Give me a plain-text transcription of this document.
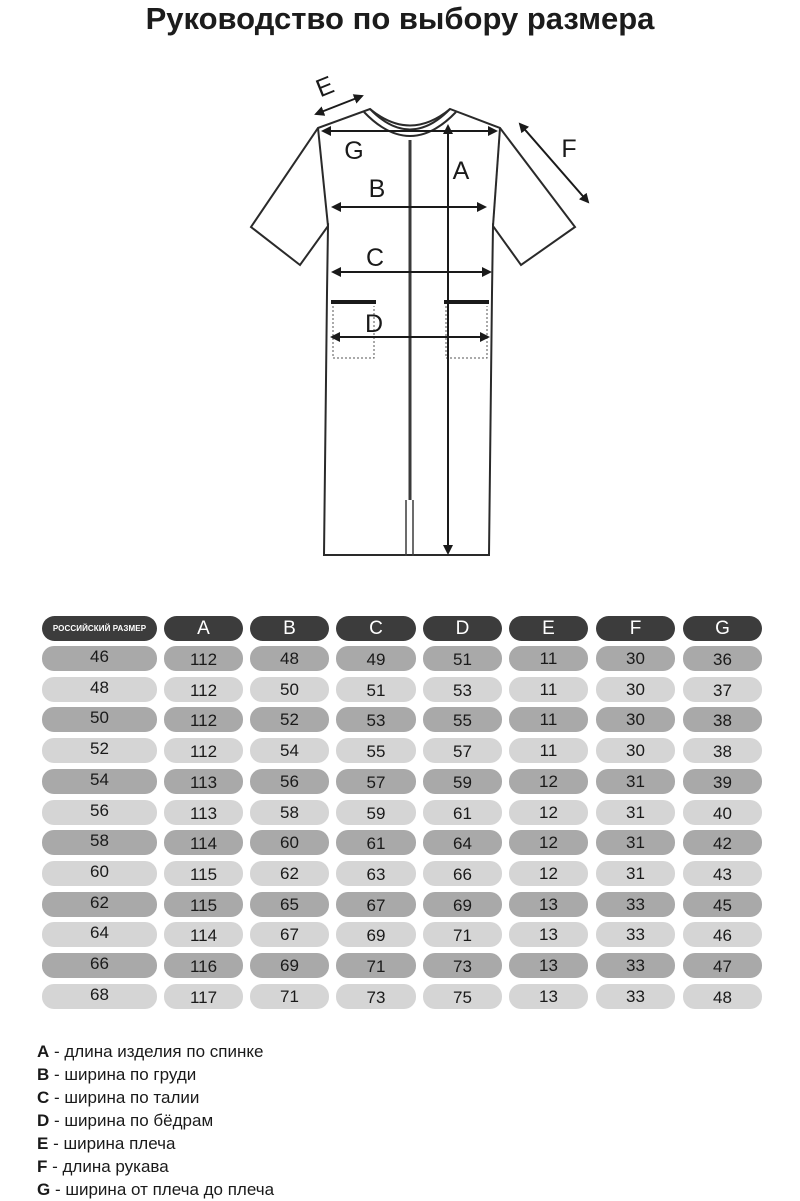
Руководство по выбору размера
G
B
C
D
A
E
F
РОССИЙСКИЙ РАЗМЕР	A	B	C	D	E	F	G
46	112	48	49	51	11	30	36
48	112	50	51	53	11	30	37
50	112	52	53	55	11	30	38
52	112	54	55	57	11	30	38
54	113	56	57	59	12	31	39
56	113	58	59	61	12	31	40
58	114	60	61	64	12	31	42
60	115	62	63	66	12	31	43
62	115	65	67	69	13	33	45
64	114	67	69	71	13	33	46
66	116	69	71	73	13	33	47
68	117	71	73	75	13	33	48
A - длина изделия по спинке
B - ширина по груди
C - ширина по талии
D - ширина по бёдрам
E - ширина плеча
F - длина рукава
G - ширина от плеча до плеча
